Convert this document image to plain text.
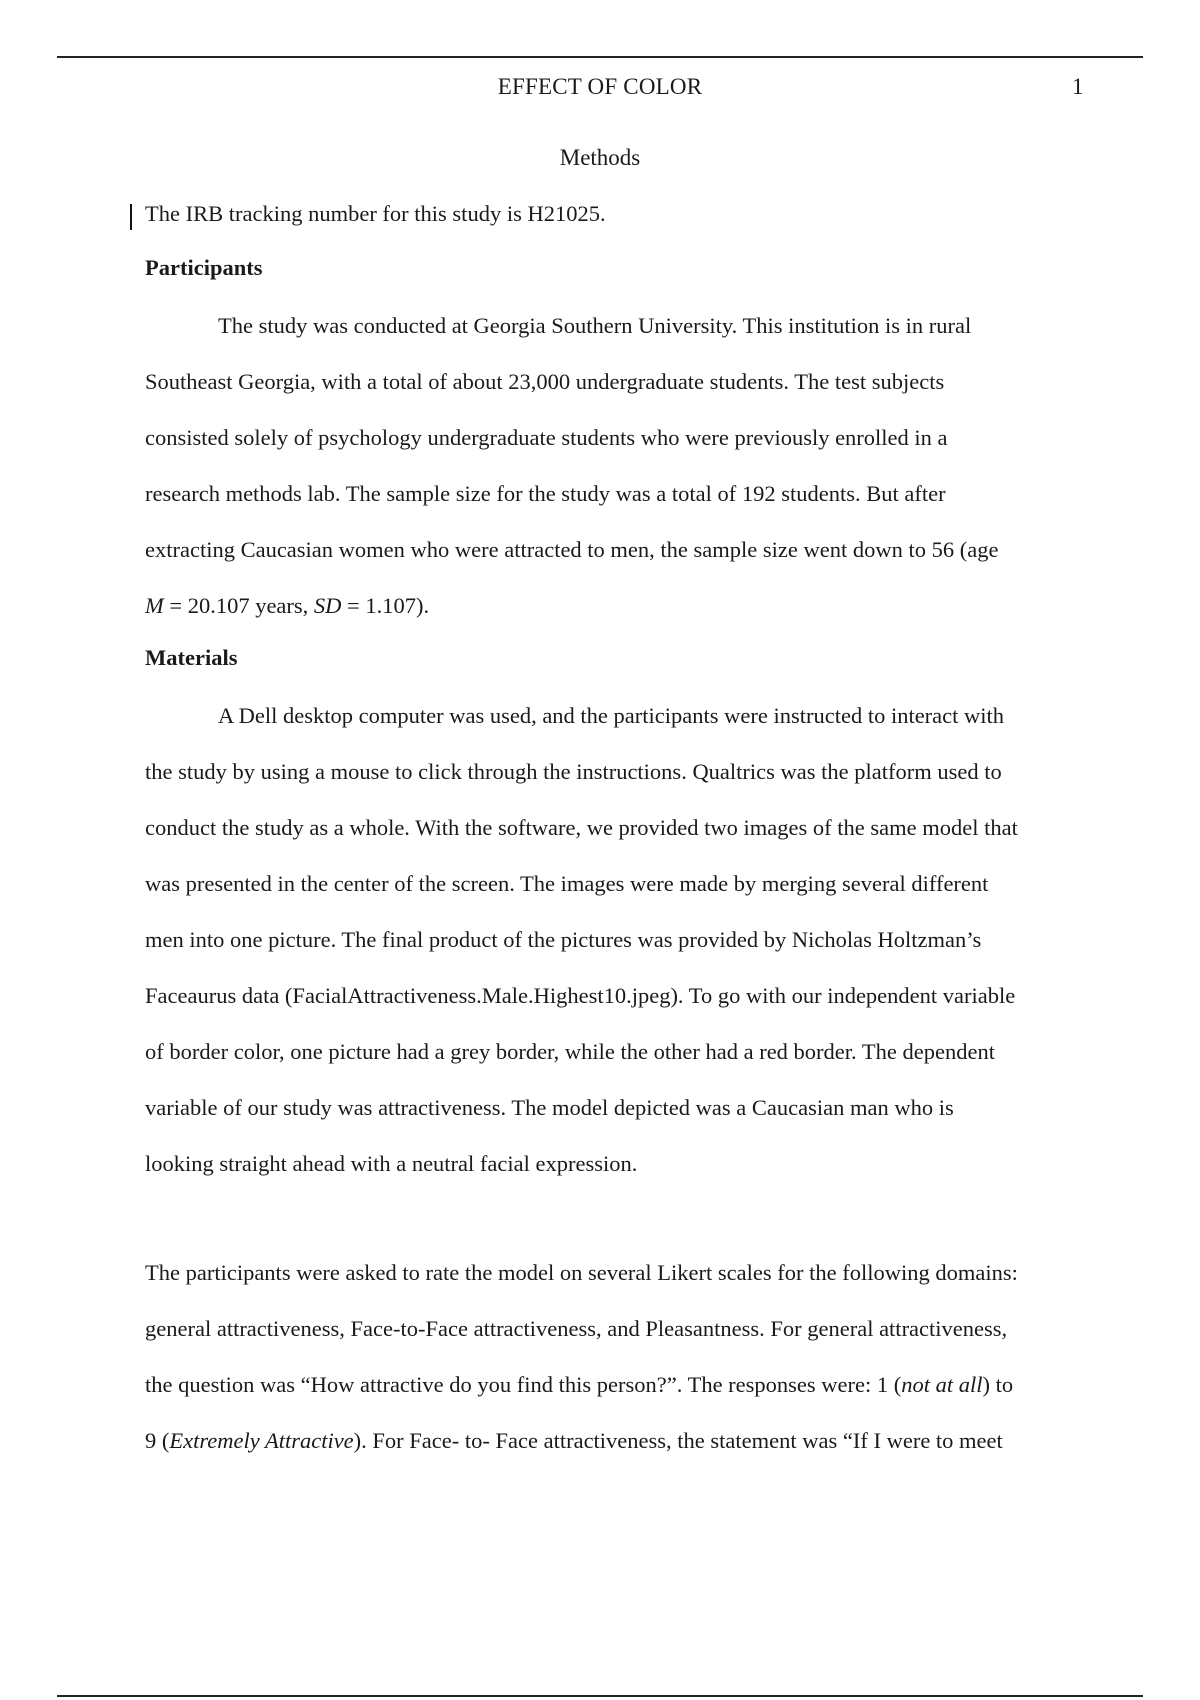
EFFECT OF COLOR	1
Methods
The IRB tracking number for this study is H21025.
Participants
The study was conducted at Georgia Southern University. This institution is in rural
Southeast Georgia, with a total of about 23,000 undergraduate students. The test subjects
consisted solely of psychology undergraduate students who were previously enrolled in a
research methods lab. The sample size for the study was a total of 192 students. But after
extracting Caucasian women who were attracted to men, the sample size went down to 56 (age
M = 20.107 years, SD = 1.107).
Materials
A Dell desktop computer was used, and the participants were instructed to interact with
the study by using a mouse to click through the instructions. Qualtrics was the platform used to
conduct the study as a whole. With the software, we provided two images of the same model that
was presented in the center of the screen. The images were made by merging several different
men into one picture. The final product of the pictures was provided by Nicholas Holtzman’s
Faceaurus data (FacialAttractiveness.Male.Highest10.jpeg). To go with our independent variable
of border color, one picture had a grey border, while the other had a red border. The dependent
variable of our study was attractiveness. The model depicted was a Caucasian man who is
looking straight ahead with a neutral facial expression.
The participants were asked to rate the model on several Likert scales for the following domains:
general attractiveness, Face-to-Face attractiveness, and Pleasantness. For general attractiveness,
the question was “How attractive do you find this person?”. The responses were: 1 (not at all) to
9 (Extremely Attractive). For Face- to- Face attractiveness, the statement was “If I were to meet
